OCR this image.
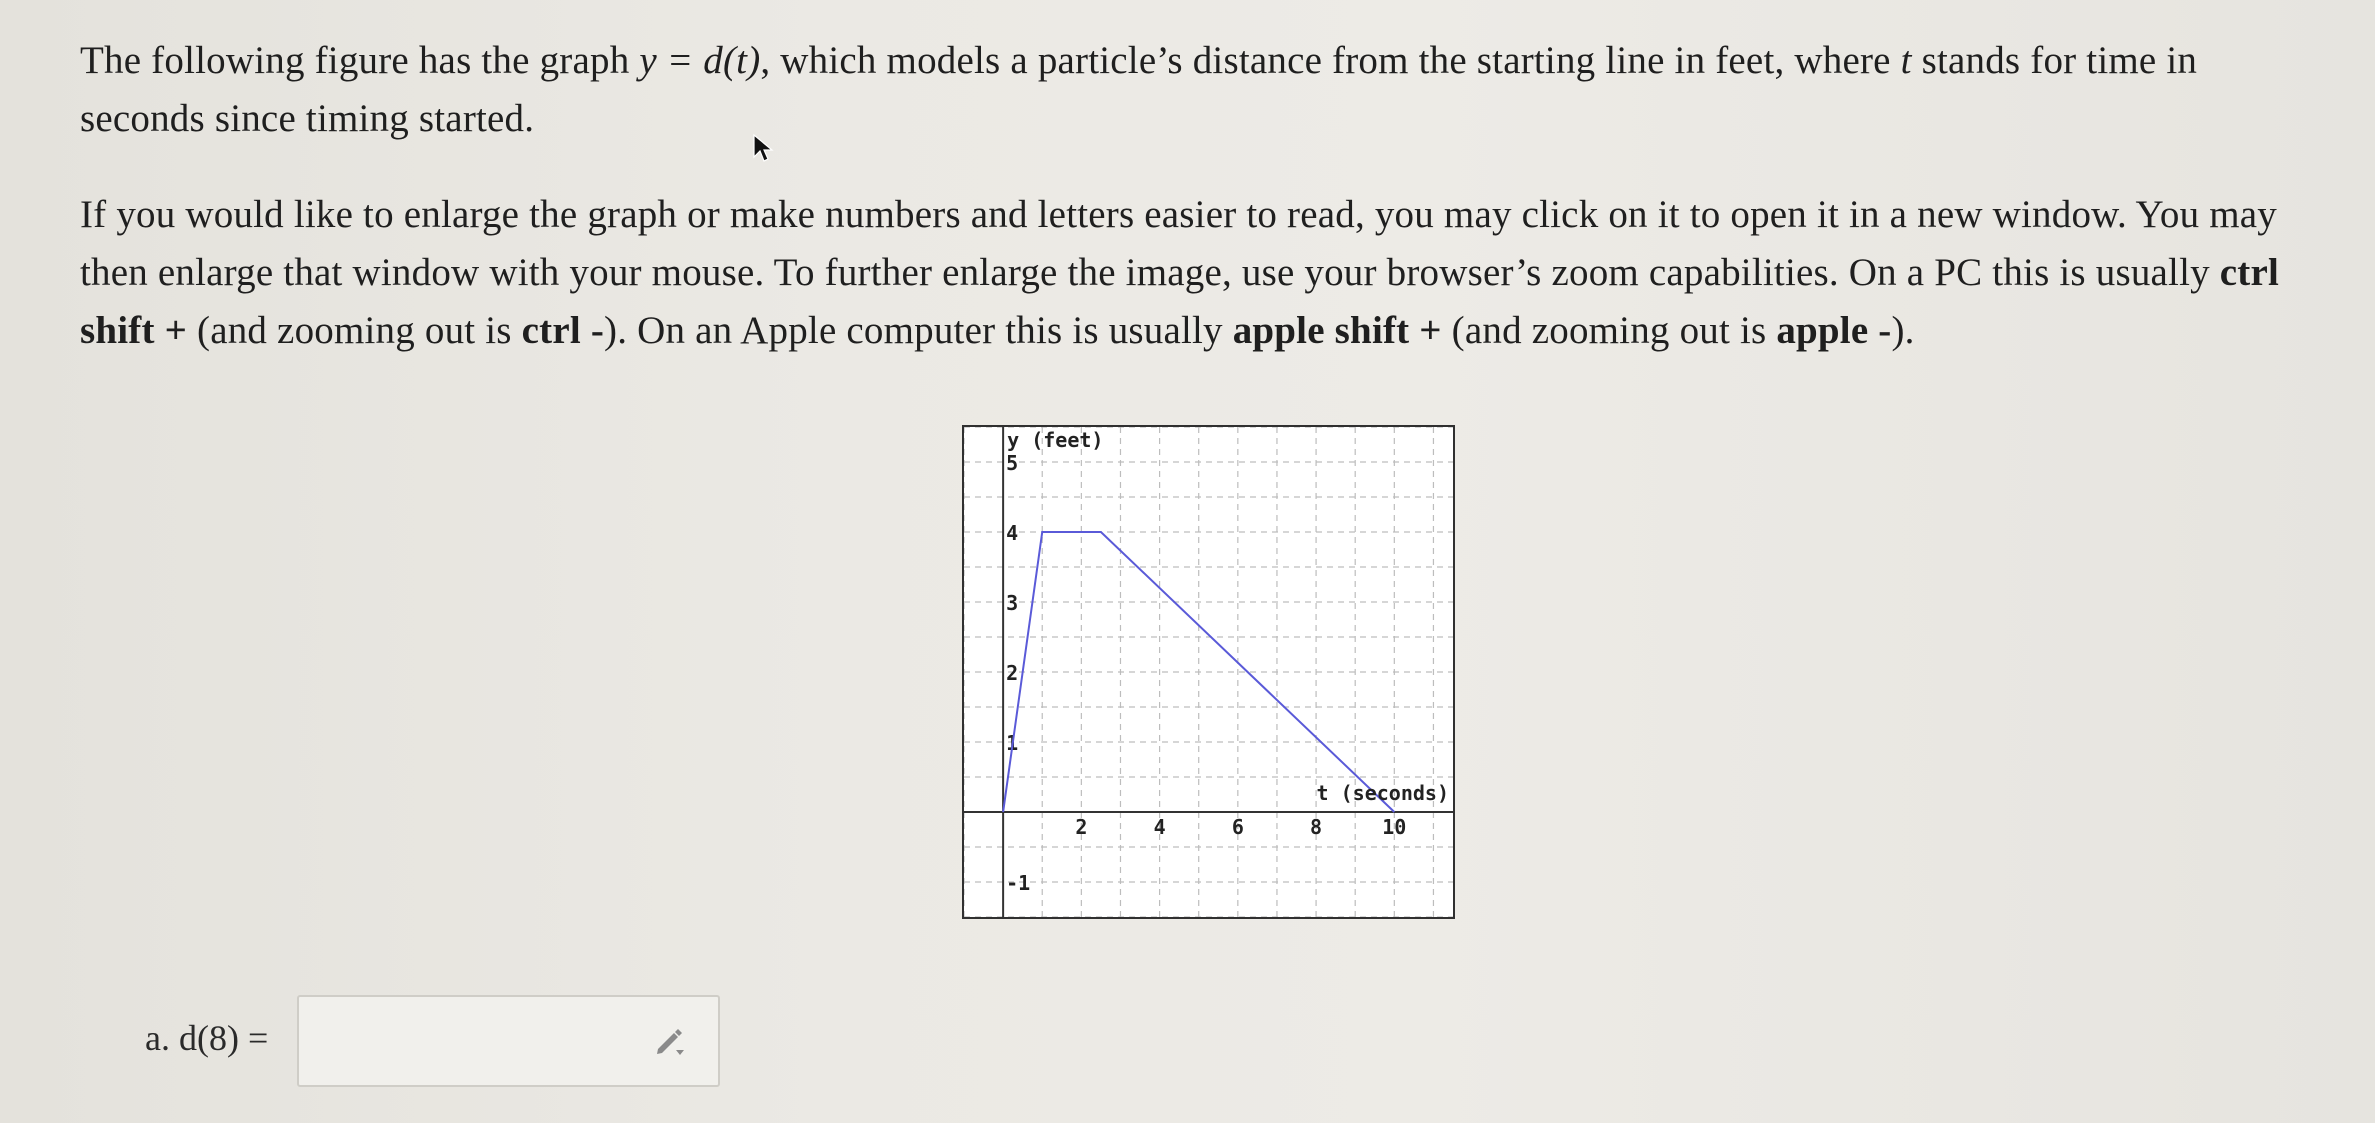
The following figure has the graph y = d(t), which models a particle’s distance from the starting line in feet, where t stands for time in seconds since timing started.
If you would like to enlarge the graph or make numbers and letters easier to read, you may click on it to open it in a new window. You may then enlarge that window with your mouse. To further enlarge the image, use your browser’s zoom capabilities. On a PC this is usually ctrl shift + (and zooming out is ctrl -). On an Apple computer this is usually apple shift + (and zooming out is apple -).
2	4	6	8	10
-1
1
2
3
4
5
y (feet)
t (seconds)
a. d(8) =
